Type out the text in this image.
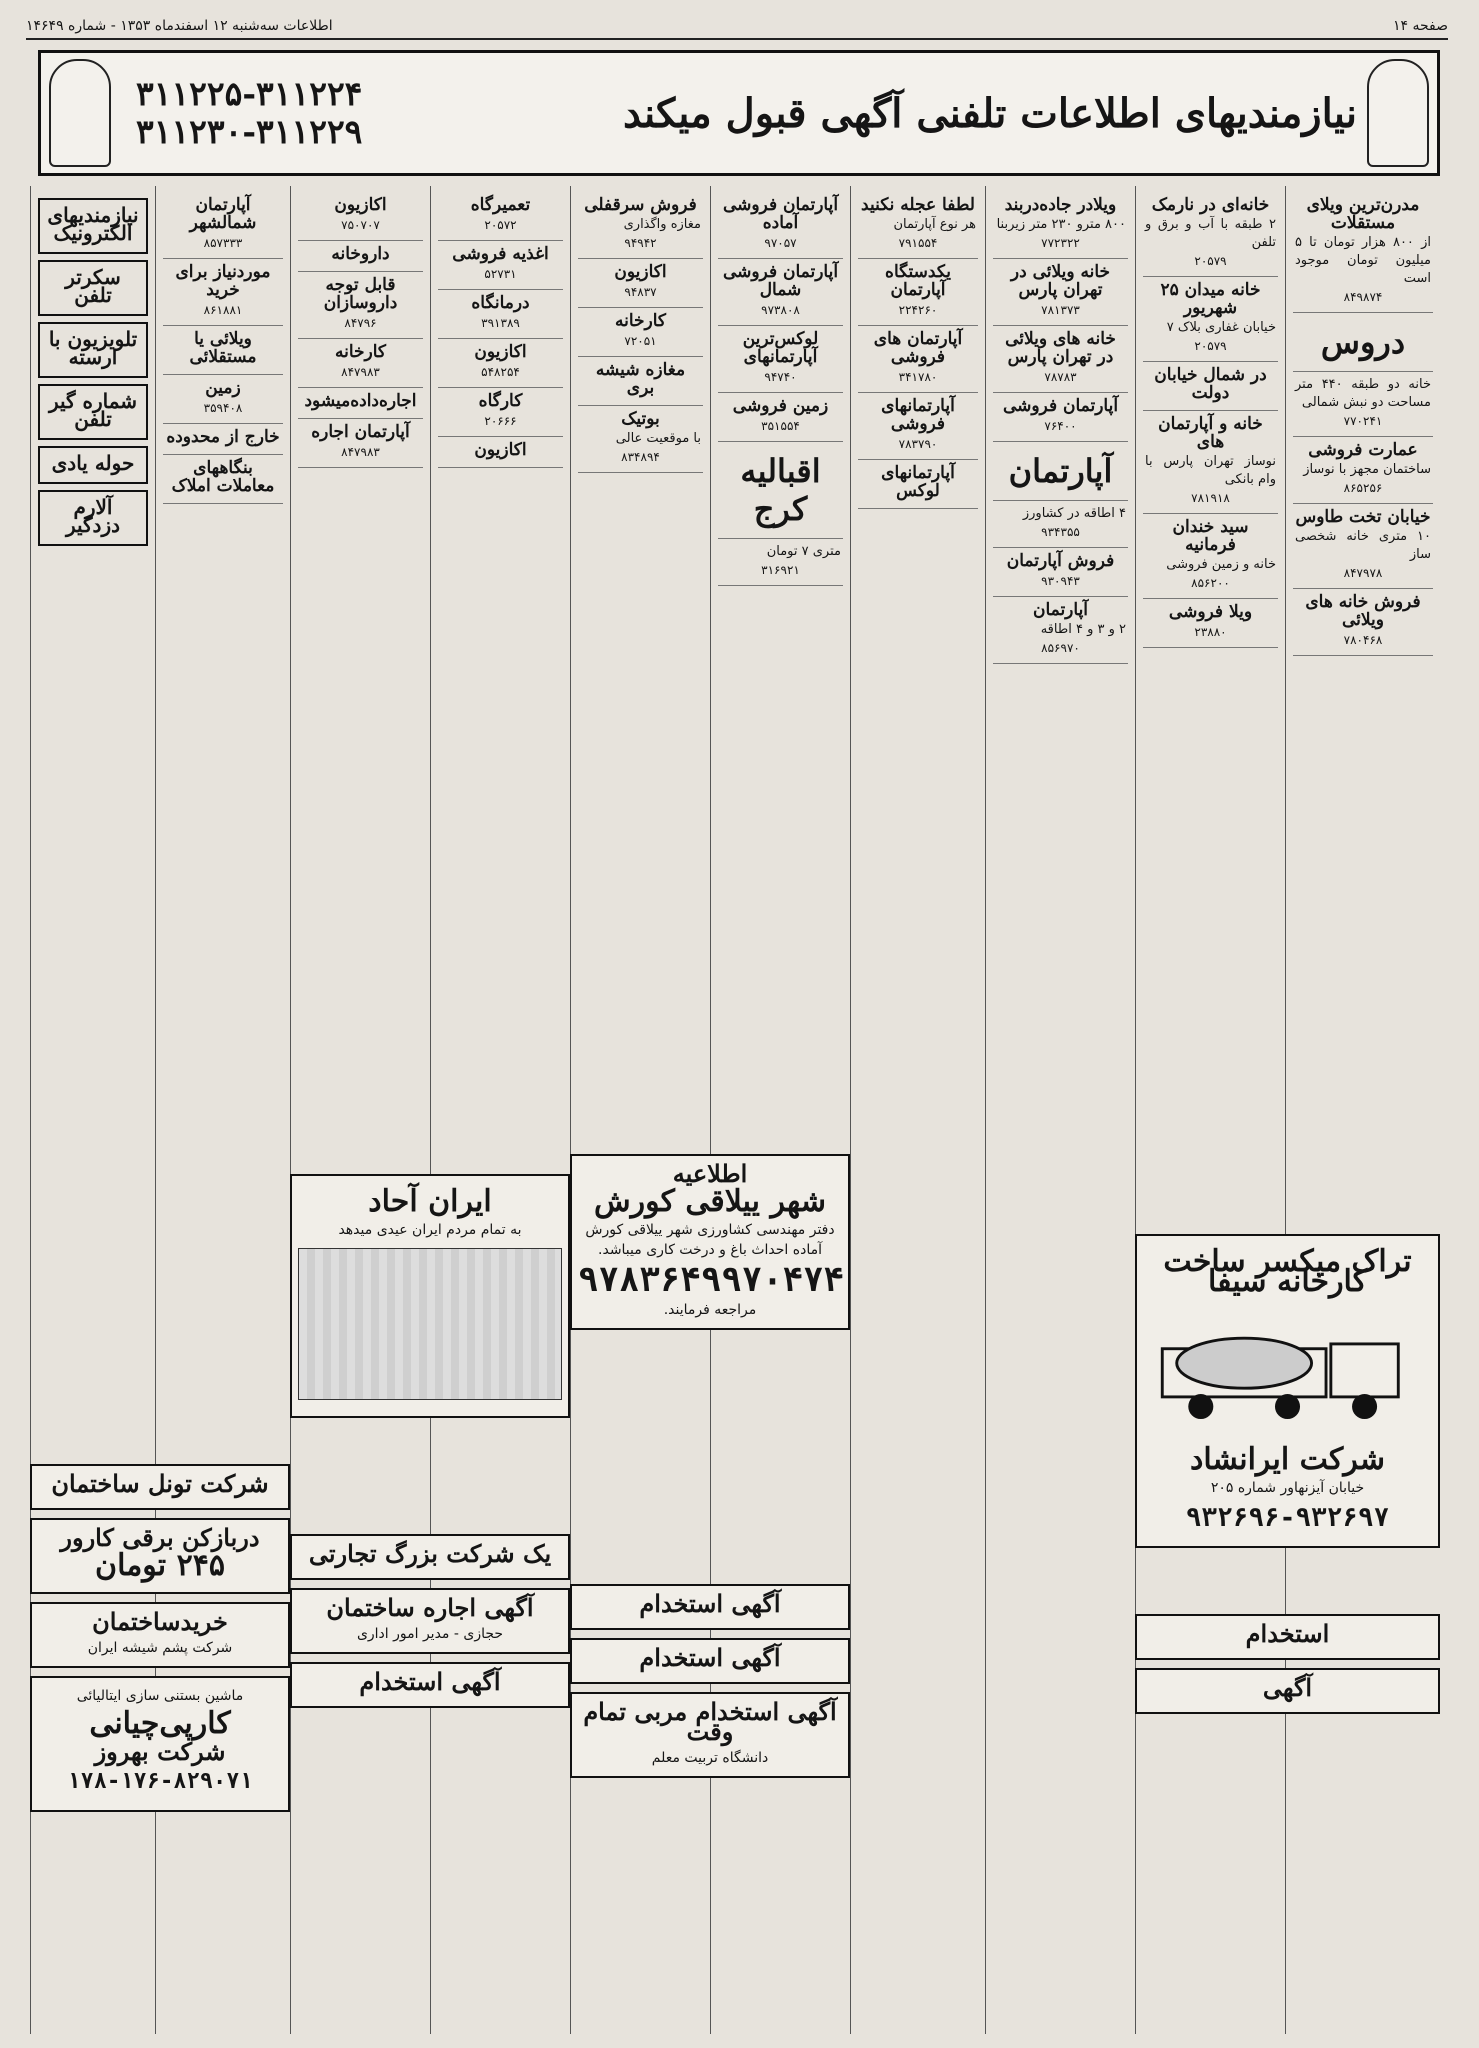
صفحه ۱۴
اطلاعات سه‌شنبه ۱۲ اسفندماه ۱۳۵۳ - شماره ۱۴۶۴۹
نیازمندیهای اطلاعات تلفنی آگهی قبول میکند
۳۱۱۲۲۵-۳۱۱۲۲۴
۳۱۱۲۳۰-۳۱۱۲۲۹
مدرن‌ترین ویلای مستقلات
از ۸۰۰ هزار تومان تا ۵ میلیون تومان موجود است
۸۴۹۸۷۴
دروس
خانه دو طبقه ۴۴۰ متر مساحت دو نبش شمالی
۷۷۰۲۴۱
عمارت فروشی
ساختمان مجهز با نوساز
۸۶۵۲۵۶
خیابان تخت طاوس
۱۰ متری خانه شخصی ساز
۸۴۷۹۷۸
فروش خانه های ویلائی
۷۸۰۴۶۸
خانه‌ای در نارمک
۲ طبقه با آب و برق و تلفن
۲۰۵۷۹
خانه میدان ۲۵ شهریور
خیابان غفاری بلاک ۷
۲۰۵۷۹
در شمال خیابان دولت
خانه و آپارتمان های
نوساز تهران پارس با وام بانکی
۷۸۱۹۱۸
سید خندان فرمانیه
خانه و زمین فروشی
۸۵۶۲۰۰
ویلا فروشی
۲۳۸۸۰
ویلادر جاده‌دربند
۸۰۰ مترو ۲۳۰ متر زیربنا
۷۷۲۳۲۲
خانه ویلائی در تهران پارس
۷۸۱۳۷۳
خانه های ویلائی در تهران پارس
۷۸۷۸۳
آپارتمان فروشی
۷۶۴۰۰
آپارتمان
۴ اطاقه در کشاورز
۹۳۴۳۵۵
فروش آپارتمان
۹۳۰۹۴۳
آپارتمان
۲ و ۳ و ۴ اطاقه
۸۵۶۹۷۰
لطفا عجله نکنید
هر نوع آپارتمان
۷۹۱۵۵۴
یکدستگاه آپارتمان
۲۲۴۲۶۰
آپارتمان های فروشی
۳۴۱۷۸۰
آپارتمانهای فروشی
۷۸۳۷۹۰
آپارتمانهای لوکس
آپارتمان فروشی آماده
۹۷۰۵۷
آپارتمان فروشی شمال
۹۷۳۸۰۸
لوکس‌ترین آپارتمانهای
۹۴۷۴۰
زمین فروشی
۳۵۱۵۵۴
اقبالیه کرج
متری ۷ تومان
۳۱۶۹۲۱
فروش سرقفلی
مغازه واگذاری
۹۴۹۴۲
اکازیون
۹۴۸۳۷
کارخانه
۷۲۰۵۱
مغازه شیشه بری
بوتیک
با موقعیت عالی
۸۳۴۸۹۴
تعمیرگاه
۲۰۵۷۲
اغذیه فروشی
۵۲۷۳۱
درمانگاه
۳۹۱۳۸۹
اکازیون
۵۴۸۲۵۴
کارگاه
۲۰۶۶۶
اکازیون
اکازیون
۷۵۰۷۰۷
داروخانه
قابل توجه داروسازان
۸۴۷۹۶
کارخانه
۸۴۷۹۸۳
اجاره‌داده‌میشود
آپارتمان اجاره
۸۴۷۹۸۳
آپارتمان شمالشهر
۸۵۷۳۳۳
موردنیاز برای خرید
۸۶۱۸۸۱
ویلائی یا مستقلائی
زمین
۳۵۹۴۰۸
خارج از محدوده
بنگاههای معاملات املاک
نیازمندیهای الکترونیک
سکرتر تلفن
تلویزیون با ارسته
شماره گیر تلفن
حوله یادی
آلارم دزدگیر
اطلاعیه
شهر ییلاقی کورش
دفتر مهندسی کشاورزی شهر ییلاقی کورش آماده احداث باغ و درخت کاری میباشد.
۹۷۸۳۶۴۹۹۷۰۴۷۴
مراجعه فرمایند.
ایران آحاد
به تمام مردم ایران عیدی میدهد
تراک میکسر ساخت کارخانه سیفا
شرکت ایرانشاد
خیابان آیزنهاور شماره ۲۰۵
۹۳۲۶۹۶-۹۳۲۶۹۷
یک شرکت بزرگ تجارتی
آگهی اجاره ساختمان
حجازی - مدیر امور اداری
آگهی استخدام
آگهی استخدام
آگهی استخدام
آگهی استخدام مربی تمام وقت
دانشگاه تربیت معلم
استخدام
آگهی
شرکت تونل ساختمان
دربازکن برقی کارور
۲۴۵ تومان
خریدساختمان
شرکت پشم شیشه ایران
ماشین بستنی سازی ایتالیائی
کارپی‌چیانی
شرکت بهروز
۱۷۸-۱۷۶-۸۲۹۰۷۱
